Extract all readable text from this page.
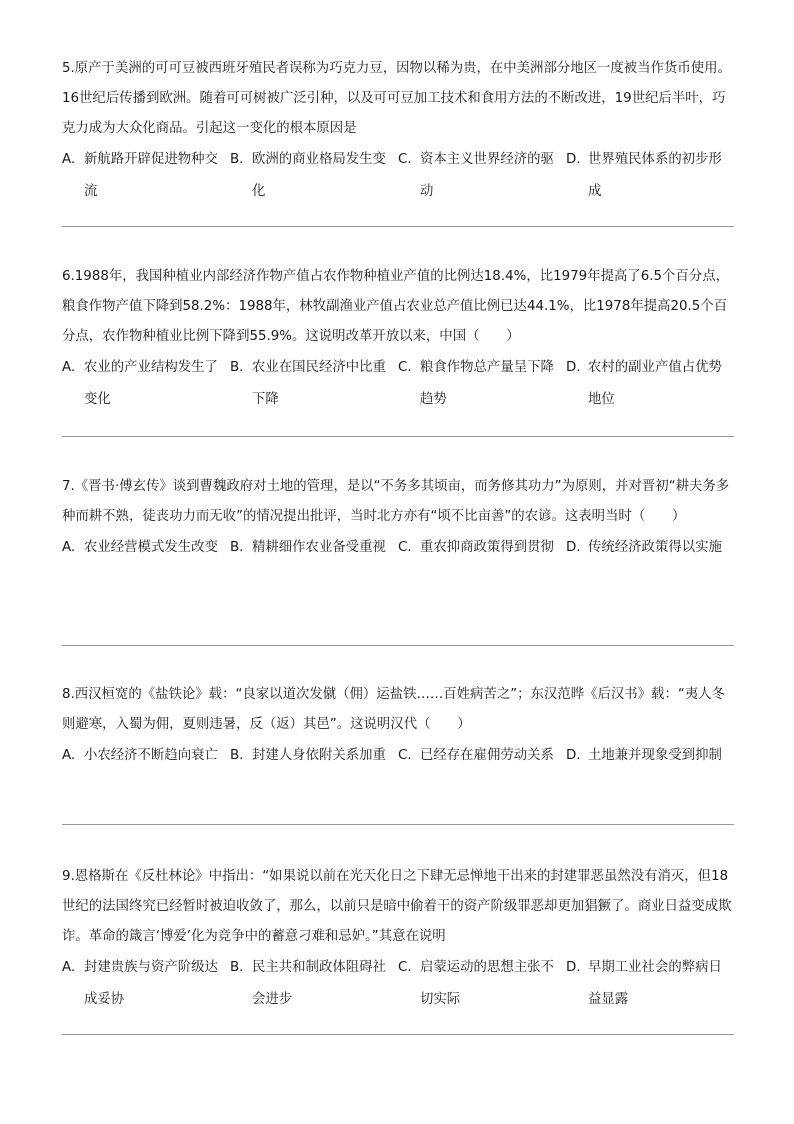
5.原产于美洲的可可豆被西班牙殖民者误称为巧克力豆，因物以稀为贵，在中美洲部分地区一度被当作货币使用。16世纪后传播到欧洲。随着可可树被广泛引种，以及可可豆加工技术和食用方法的不断改进，19世纪后半叶，巧克力成为大众化商品。引起这一变化的根本原因是

A. 新航路开辟促进物种交流
B. 欧洲的商业格局发生变化
C. 资本主义世界经济的驱动
D. 世界殖民体系的初步形成

6.1988年，我国种植业内部经济作物产值占农作物种植业产值的比例达18.4%，比1979年提高了6.5个百分点，粮食作物产值下降到58.2%：1988年，林牧副渔业产值占农业总产值比例已达44.1%，比1978年提高20.5个百分点，农作物种植业比例下降到55.9%。这说明改革开放以来，中国（　　）

A. 农业的产业结构发生了变化
B. 农业在国民经济中比重下降
C. 粮食作物总产量呈下降趋势
D. 农村的副业产值占优势地位

7.《晋书·傅玄传》谈到曹魏政府对土地的管理，是以“不务多其顷亩，而务修其功力”为原则，并对晋初“耕夫务多种而耕不熟，徒丧功力而无收”的情况提出批评，当时北方亦有“顷不比亩善”的农谚。这表明当时（　　）

A. 农业经营模式发生改变 B. 精耕细作农业备受重视 C. 重农抑商政策得到贯彻 D. 传统经济政策得以实施

8.西汉桓宽的《盐铁论》载：“良家以道次发僦（佣）运盐铁……百姓病苦之”；东汉范晔《后汉书》载：“夷人冬则避寒，入蜀为佣，夏则违暑，反（返）其邑”。这说明汉代（　　）

A. 小农经济不断趋向衰亡 B. 封建人身依附关系加重 C. 已经存在雇佣劳动关系 D. 土地兼并现象受到抑制

9.恩格斯在《反杜林论》中指出：“如果说以前在光天化日之下肆无忌惮地干出来的封建罪恶虽然没有消灭，但18世纪的法国终究已经暂时被迫收敛了，那么，以前只是暗中偷着干的资产阶级罪恶却更加猖獗了。商业日益变成欺诈。革命的箴言‘博爱’化为竞争中的蓄意刁难和忌妒。”其意在说明

A. 封建贵族与资产阶级达成妥协
B. 民主共和制政体阻碍社会进步
C. 启蒙运动的思想主张不切实际
D. 早期工业社会的弊病日益显露
